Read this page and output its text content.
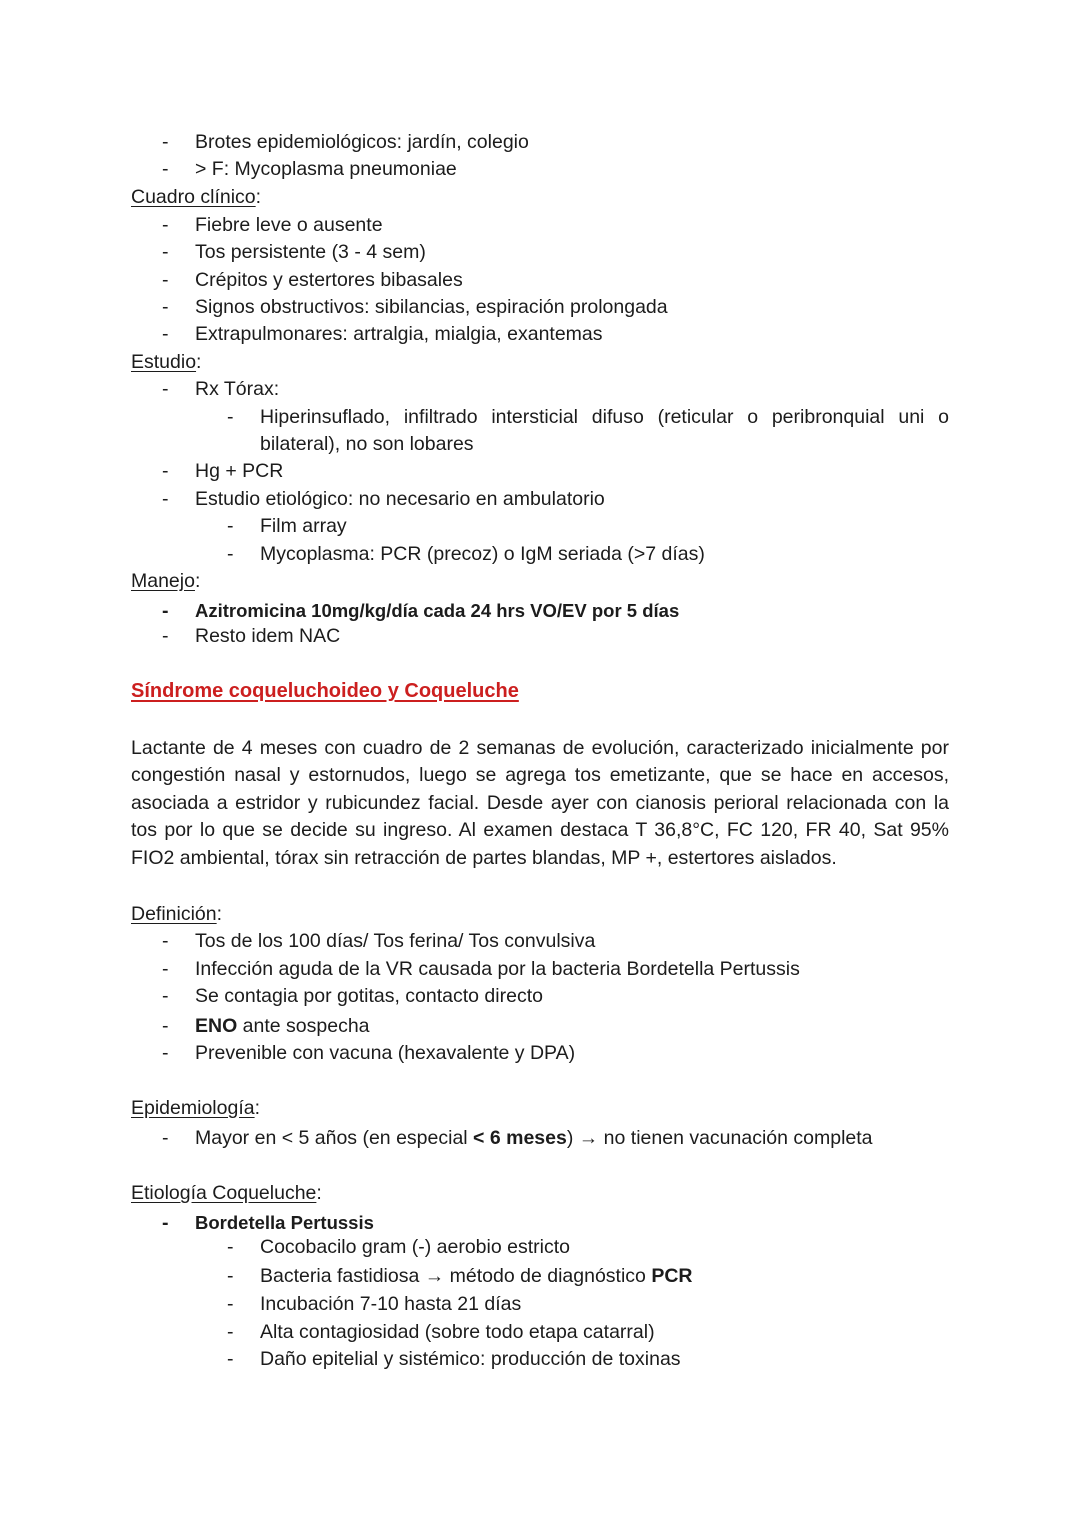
- Brotes epidemiológicos: jardín, colegio
- > F: Mycoplasma pneumoniae
Cuadro clínico:
- Fiebre leve o ausente
- Tos persistente (3 - 4 sem)
- Crépitos y estertores bibasales
- Signos obstructivos: sibilancias, espiración prolongada
- Extrapulmonares: artralgia, mialgia, exantemas
Estudio:
- Rx Tórax:
- Hiperinsuflado, infiltrado intersticial difuso (reticular o peribronquial uni o
bilateral), no son lobares
- Hg + PCR
- Estudio etiológico: no necesario en ambulatorio
- Film array
- Mycoplasma: PCR (precoz) o IgM seriada (>7 días)
Manejo:
- Azitromicina 10mg/kg/día cada 24 hrs VO/EV por 5 días
- Resto idem NAC
Síndrome coqueluchoideo y Coqueluche
Lactante de 4 meses con cuadro de 2 semanas de evolución, caracterizado inicialmente por
congestión nasal y estornudos, luego se agrega tos emetizante, que se hace en accesos,
asociada a estridor y rubicundez facial. Desde ayer con cianosis perioral relacionada con la
tos por lo que se decide su ingreso. Al examen destaca T 36,8°C, FC 120, FR 40, Sat 95%
FIO2 ambiental, tórax sin retracción de partes blandas, MP +, estertores aislados.
Definición:
- Tos de los 100 días/ Tos ferina/ Tos convulsiva
- Infección aguda de la VR causada por la bacteria Bordetella Pertussis
- Se contagia por gotitas, contacto directo
- ENO ante sospecha
- Prevenible con vacuna (hexavalente y DPA)
Epidemiología:
- Mayor en < 5 años (en especial < 6 meses) → no tienen vacunación completa
Etiología Coqueluche:
- Bordetella Pertussis
- Cocobacilo gram (-) aerobio estricto
- Bacteria fastidiosa → método de diagnóstico PCR
- Incubación 7-10 hasta 21 días
- Alta contagiosidad (sobre todo etapa catarral)
- Daño epitelial y sistémico: producción de toxinas
